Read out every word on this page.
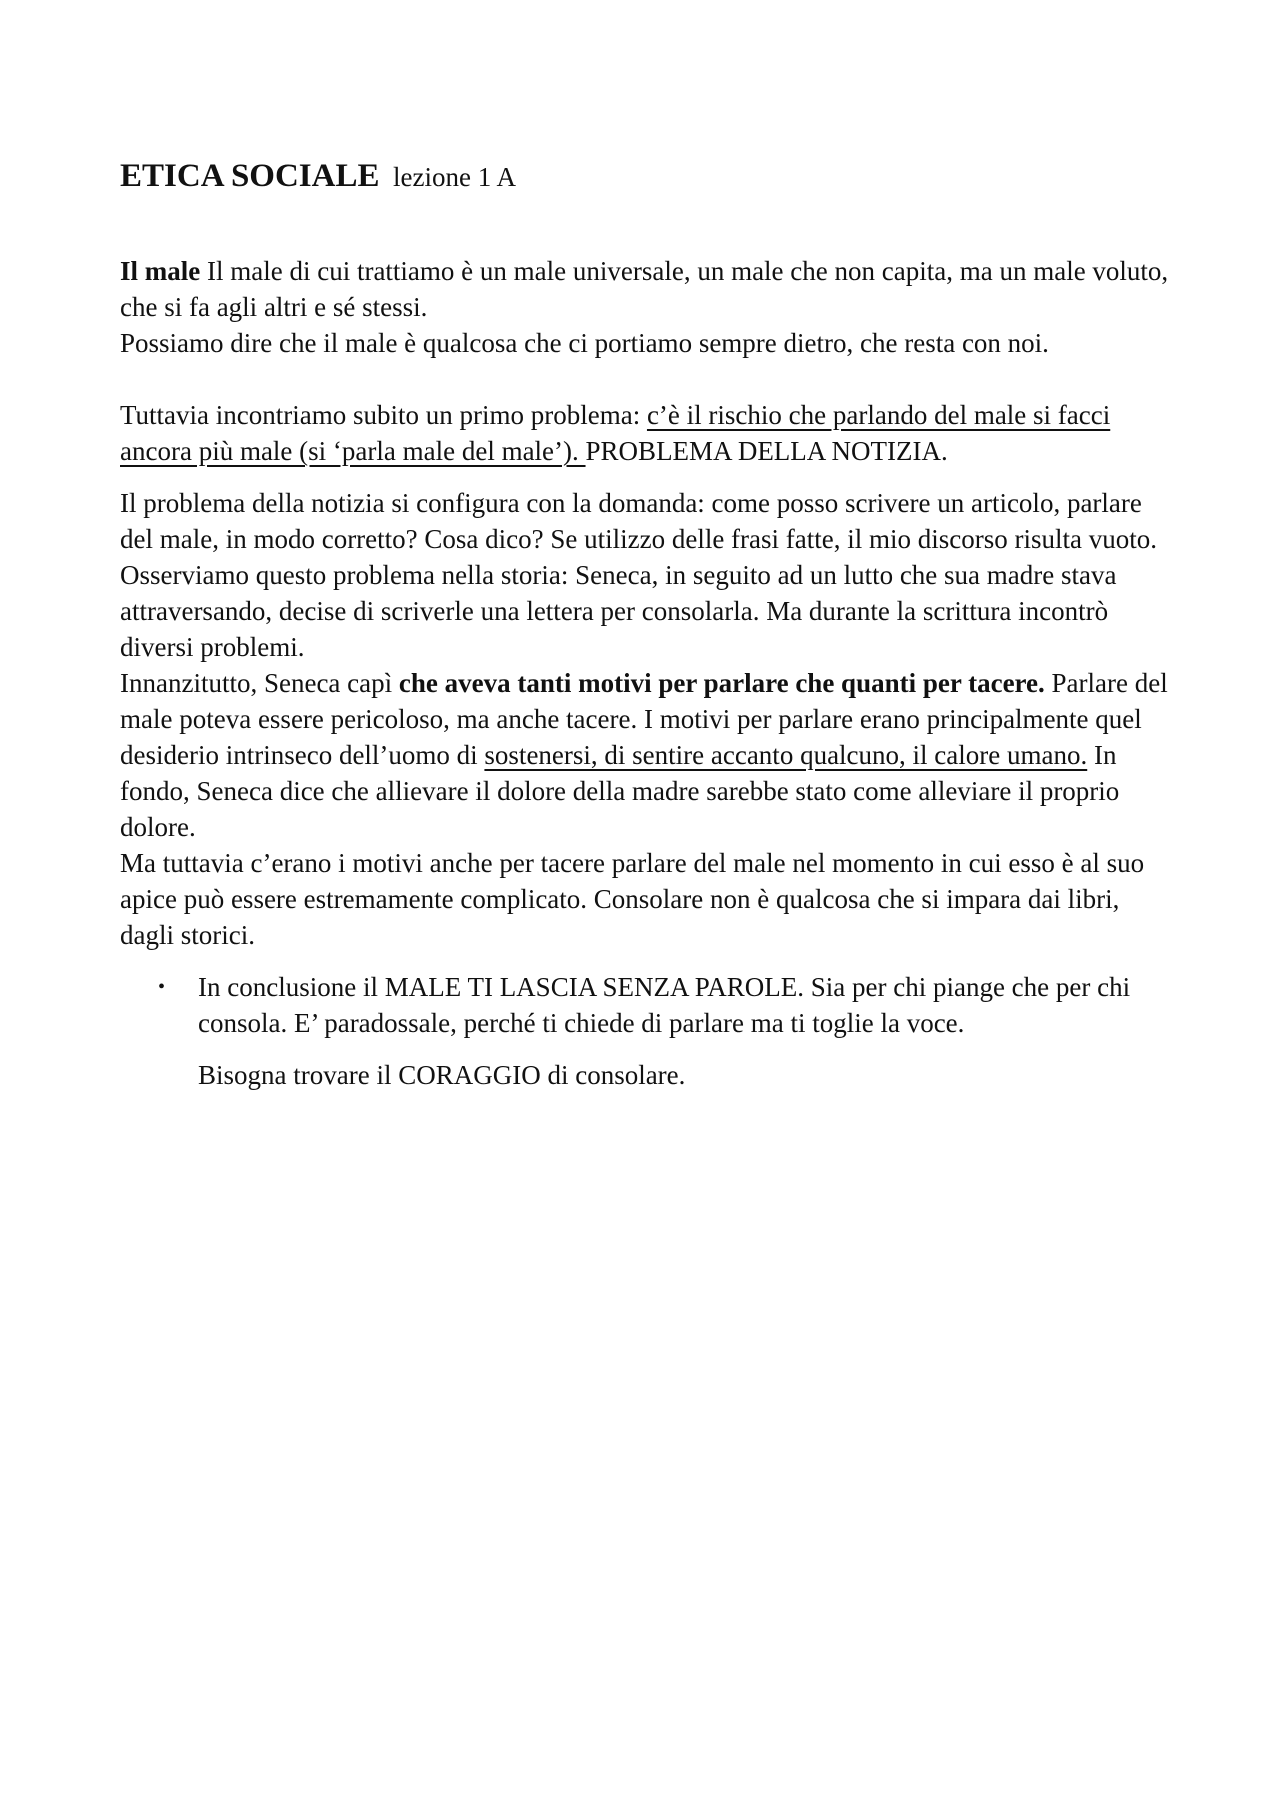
ETICA SOCIALE lezione 1 A

Il male Il male di cui trattiamo è un male universale, un male che non capita, ma un male voluto, che si fa agli altri e sé stessi.

Possiamo dire che il male è qualcosa che ci portiamo sempre dietro, che resta con noi.

Tuttavia incontriamo subito un primo problema: c’è il rischio che parlando del male si facci ancora più male (si ‘parla male del male’). PROBLEMA DELLA NOTIZIA.

Il problema della notizia si configura con la domanda: come posso scrivere un articolo, parlare del male, in modo corretto? Cosa dico? Se utilizzo delle frasi fatte, il mio discorso risulta vuoto.

Osserviamo questo problema nella storia: Seneca, in seguito ad un lutto che sua madre stava attraversando, decise di scriverle una lettera per consolarla. Ma durante la scrittura incontrò diversi problemi.

Innanzitutto, Seneca capì che aveva tanti motivi per parlare che quanti per tacere. Parlare del male poteva essere pericoloso, ma anche tacere. I motivi per parlare erano principalmente quel desiderio intrinseco dell’uomo di sostenersi, di sentire accanto qualcuno, il calore umano. In fondo, Seneca dice che allievare il dolore della madre sarebbe stato come alleviare il proprio dolore.

Ma tuttavia c’erano i motivi anche per tacere parlare del male nel momento in cui esso è al suo apice può essere estremamente complicato. Consolare non è qualcosa che si impara dai libri, dagli storici.

• In conclusione il MALE TI LASCIA SENZA PAROLE. Sia per chi piange che per chi consola. E’ paradossale, perché ti chiede di parlare ma ti toglie la voce.

Bisogna trovare il CORAGGIO di consolare.
